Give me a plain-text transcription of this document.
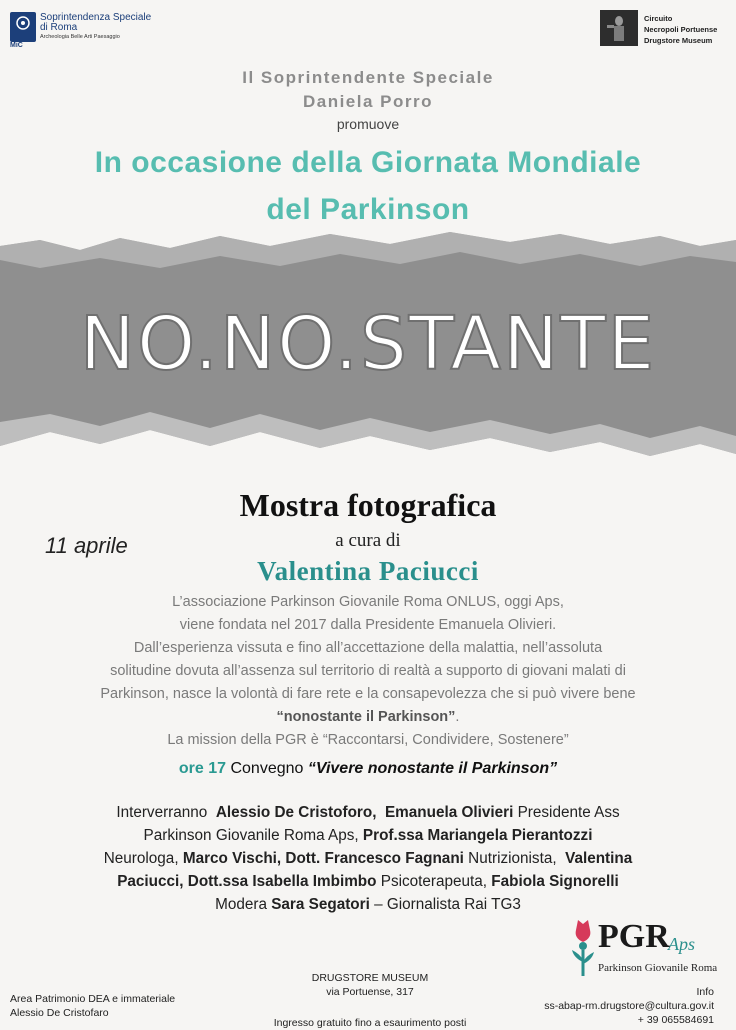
MiC
Soprintendenza Speciale di Roma
Archeologia Belle Arti Paesaggio
Circuito
Necropoli Portuense
Drugstore Museum
Il Soprintendente Speciale
Daniela Porro
promuove
In occasione della Giornata Mondiale
del Parkinson
NO.NO.STANTE
Mostra fotografica
a cura di
Valentina Paciucci
11 aprile
L’associazione Parkinson Giovanile Roma ONLUS, oggi Aps,
viene fondata nel 2017 dalla Presidente Emanuela Olivieri.
Dall’esperienza vissuta e fino all’accettazione della malattia, nell’assoluta
solitudine dovuta all’assenza sul territorio di realtà a supporto di giovani malati di
Parkinson, nasce la volontà di fare rete e la consapevolezza che si può vivere bene
“nonostante il Parkinson”.
La mission della PGR è “Raccontarsi, Condividere, Sostenere”
ore 17 Convegno “Vivere nonostante il Parkinson”
Interverranno Alessio De Cristoforo, Emanuela Olivieri Presidente Ass
Parkinson Giovanile Roma Aps, Prof.ssa Mariangela Pierantozzi
Neurologa, Marco Vischi, Dott. Francesco Fagnani Nutrizionista, Valentina
Paciucci, Dott.ssa Isabella Imbimbo Psicoterapeuta, Fabiola Signorelli
Modera Sara Segatori – Giornalista Rai TG3
PGR
Aps
Parkinson Giovanile Roma
Area Patrimonio DEA e immateriale
Alessio De Cristofaro
DRUGSTORE MUSEUM
via Portuense, 317
Ingresso gratuito fino a esaurimento posti
Info
ss-abap-rm.drugstore@cultura.gov.it
+ 39 065584691
